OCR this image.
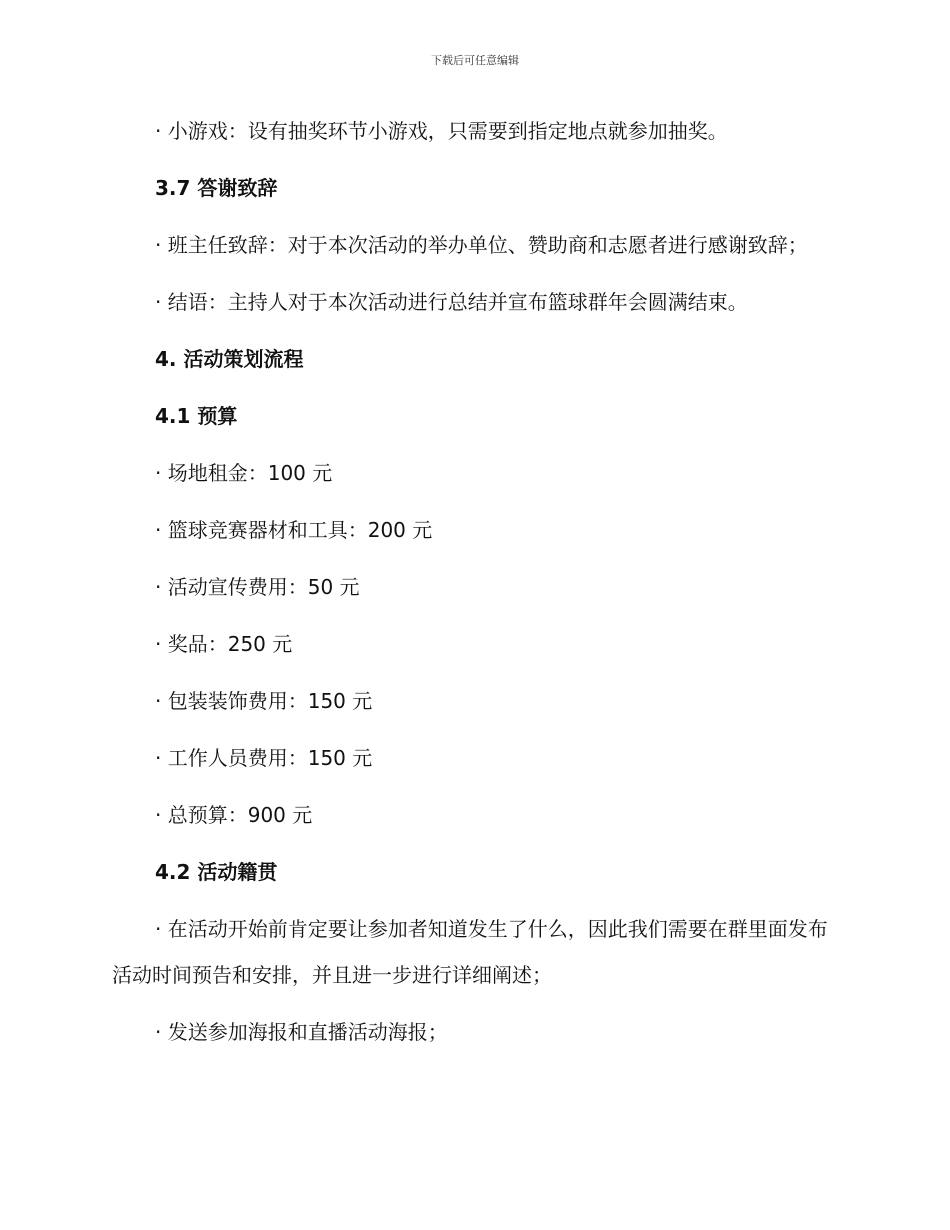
下载后可任意编辑

· 小游戏：设有抽奖环节小游戏，只需要到指定地点就参加抽奖。

3.7 答谢致辞

· 班主任致辞：对于本次活动的举办单位、赞助商和志愿者进行感谢致辞；

· 结语：主持人对于本次活动进行总结并宣布篮球群年会圆满结束。

4. 活动策划流程

4.1 预算

· 场地租金：100 元

· 篮球竞赛器材和工具：200 元

· 活动宣传费用：50 元

· 奖品：250 元

· 包装装饰费用：150 元

· 工作人员费用：150 元

· 总预算：900 元

4.2 活动籍贯

· 在活动开始前肯定要让参加者知道发生了什么，因此我们需要在群里面发布活动时间预告和安排，并且进一步进行详细阐述；

· 发送参加海报和直播活动海报；
